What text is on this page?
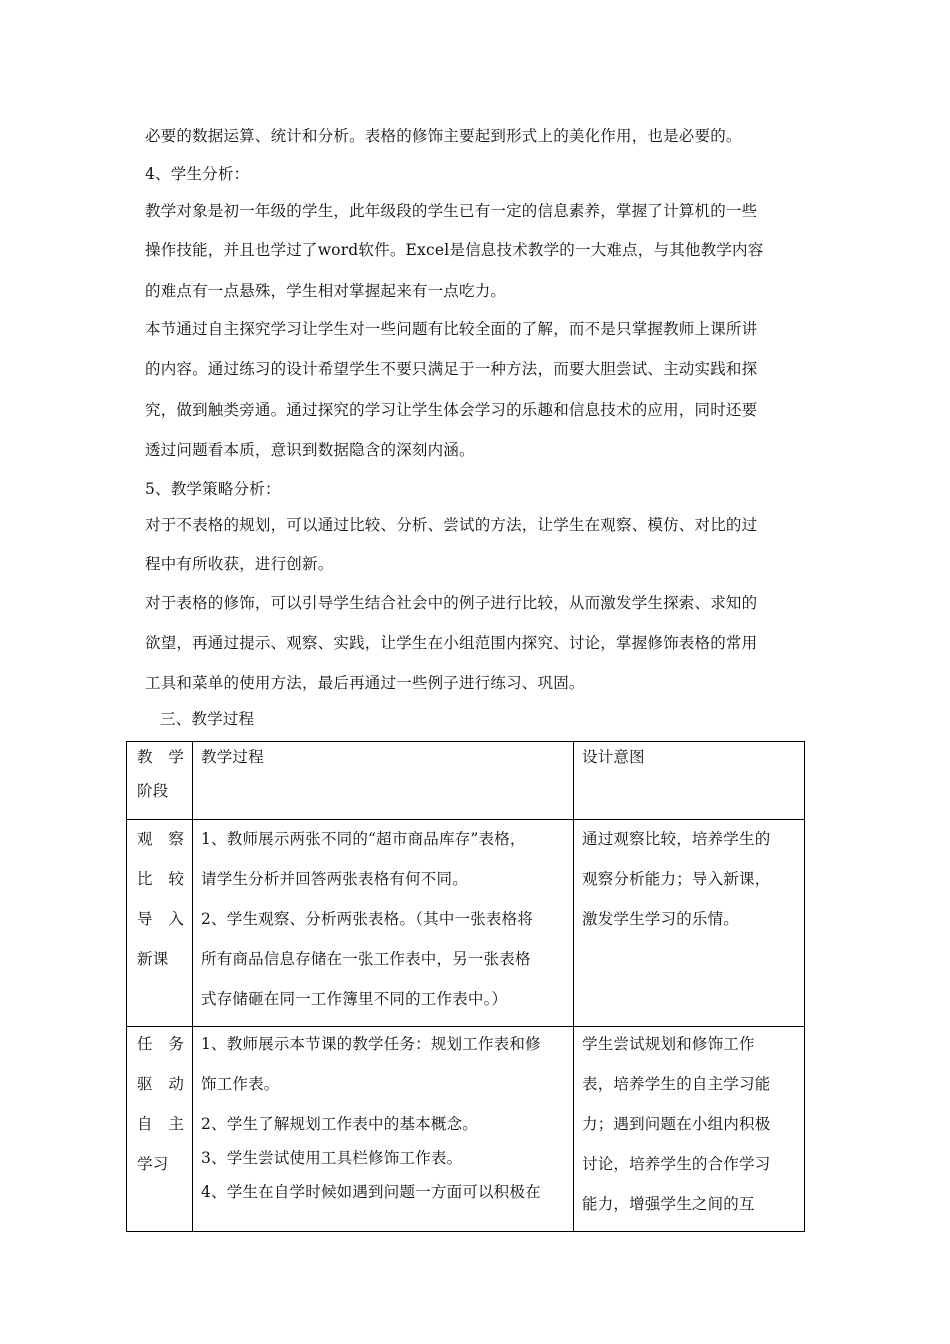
必要的数据运算、统计和分析。表格的修饰主要起到形式上的美化作用，也是必要的。
4、学生分析：
教学对象是初一年级的学生，此年级段的学生已有一定的信息素养，掌握了计算机的一些
操作技能，并且也学过了word软件。Excel是信息技术教学的一大难点，与其他教学内容
的难点有一点悬殊，学生相对掌握起来有一点吃力。
本节通过自主探究学习让学生对一些问题有比较全面的了解，而不是只掌握教师上课所讲
的内容。通过练习的设计希望学生不要只满足于一种方法，而要大胆尝试、主动实践和探
究，做到触类旁通。通过探究的学习让学生体会学习的乐趣和信息技术的应用，同时还要
透过问题看本质，意识到数据隐含的深刻内涵。
5、教学策略分析：
对于不表格的规划，可以通过比较、分析、尝试的方法，让学生在观察、模仿、对比的过
程中有所收获，进行创新。
对于表格的修饰，可以引导学生结合社会中的例子进行比较，从而激发学生探索、求知的
欲望，再通过提示、观察、实践，让学生在小组范围内探究、讨论，掌握修饰表格的常用
工具和菜单的使用方法，最后再通过一些例子进行练习、巩固。
三、教学过程
教　学
阶段	教学过程	设计意图

观　察
比　较
导　入
新课	1、教师展示两张不同的“超市商品库存”表格，
请学生分析并回答两张表格有何不同。
2、学生观察、分析两张表格。（其中一张表格将
所有商品信息存储在一张工作表中，另一张表格
式存储砸在同一工作簿里不同的工作表中。）	通过观察比较，培养学生的
观察分析能力；导入新课，
激发学生学习的乐情。

任　务
驱　动
自　主
学习	1、教师展示本节课的教学任务：规划工作表和修
饰工作表。
2、学生了解规划工作表中的基本概念。
3、学生尝试使用工具栏修饰工作表。
4、学生在自学时候如遇到问题一方面可以积极在	学生尝试规划和修饰工作
表，培养学生的自主学习能
力；遇到问题在小组内积极
讨论，培养学生的合作学习
能力，增强学生之间的互
